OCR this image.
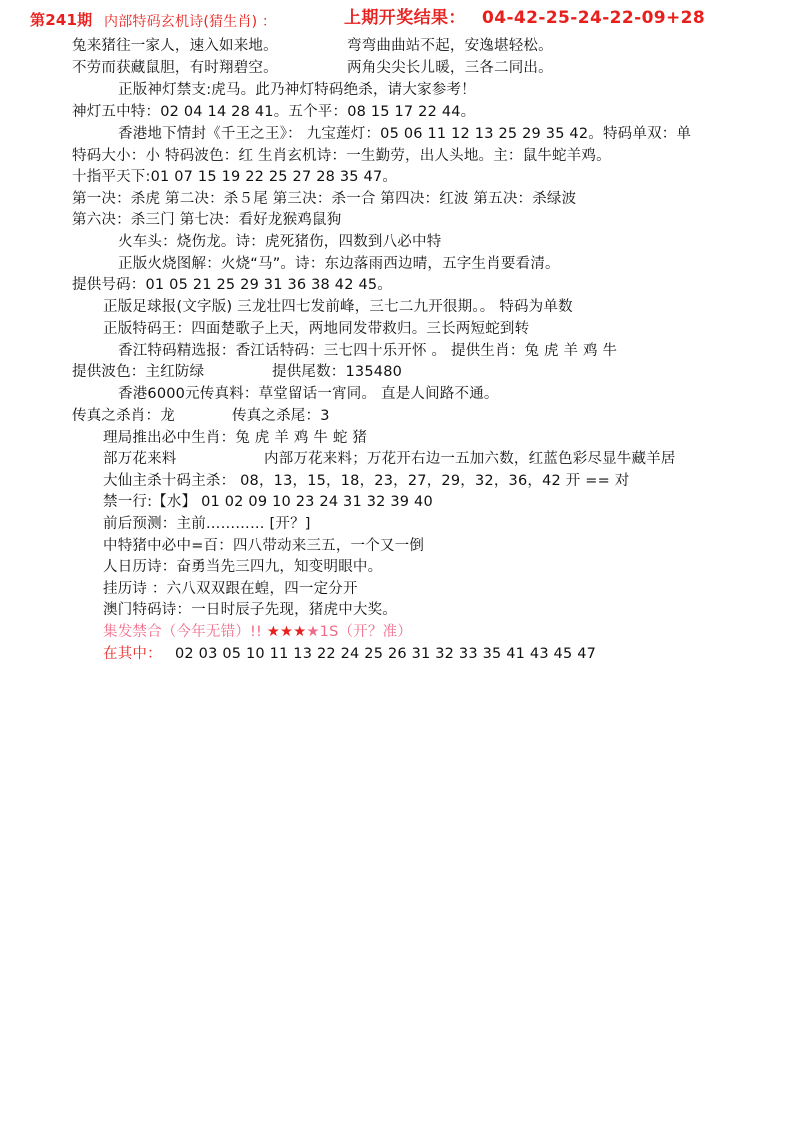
第241期 内部特码玄机诗(猜生肖) ：	上期开奖结果： 04-42-25-24-22-09+28
兔来猪往一家人，速入如来地。	弯弯曲曲站不起，安逸堪轻松。
不劳而获藏鼠胆，有时翔碧空。	两角尖尖长儿暖，三各二同出。
正版神灯禁支:虎马。此乃神灯特码绝杀，请大家参考！
神灯五中特：02 04 14 28 41。五个平：08 15 17 22 44。
香港地下情封《千王之王》： 九宝莲灯：05 06 11 12 13 25 29 35 42。特码单双：单
特码大小：小 特码波色：红 生肖玄机诗：一生勤劳，出人头地。主：鼠牛蛇羊鸡。
十指平天下:01 07 15 19 22 25 27 28 35 47。
第一决：杀虎 第二决：杀５尾 第三决：杀一合 第四决：红波 第五决：杀绿波
第六决：杀三门 第七决：看好龙猴鸡鼠狗
火车头：烧伤龙。诗：虎死猪伤，四数到八必中特
正版火烧图解：火烧“马”。诗：东边落雨西边晴，五字生肖要看清。
提供号码：01 05 21 25 29 31 36 38 42 45。
正版足球报(文字版) 三龙壮四七发前峰，三七二九开很期。。 特码为单数
正版特码王：四面楚歌子上天，两地同发带救归。三长两短蛇到转
香江特码精选报：香江话特码：三七四十乐开怀 。 提供生肖：兔 虎 羊 鸡 牛
提供波色：主红防绿	提供尾数：135480
香港6000元传真料：草堂留话一宵同。 直是人间路不通。
传真之杀肖：龙	传真之杀尾：3
理局推出必中生肖：兔 虎 羊 鸡 牛 蛇 猪
部万花来料	内部万花来料；万花开右边一五加六数，红蓝色彩尽显牛藏羊居
大仙主杀十码主杀： 08，13，15，18，23，27，29，32，36，42 开 == 对
禁一行:【水】 01 02 09 10 23 24 31 32 39 40
前后预测：主前………… [开？]
中特猪中必中=百：四八带动来三五，一个又一倒
人日历诗：奋勇当先三四九，知变明眼中。
挂历诗 ：六八双双跟在蝗，四一定分开
澳门特码诗：一日时辰子先现，猪虎中大奖。
集发禁合（今年无错）!! ★★★★1S（开？准）
在其中： 02 03 05 10 11 13 22 24 25 26 31 32 33 35 41 43 45 47
